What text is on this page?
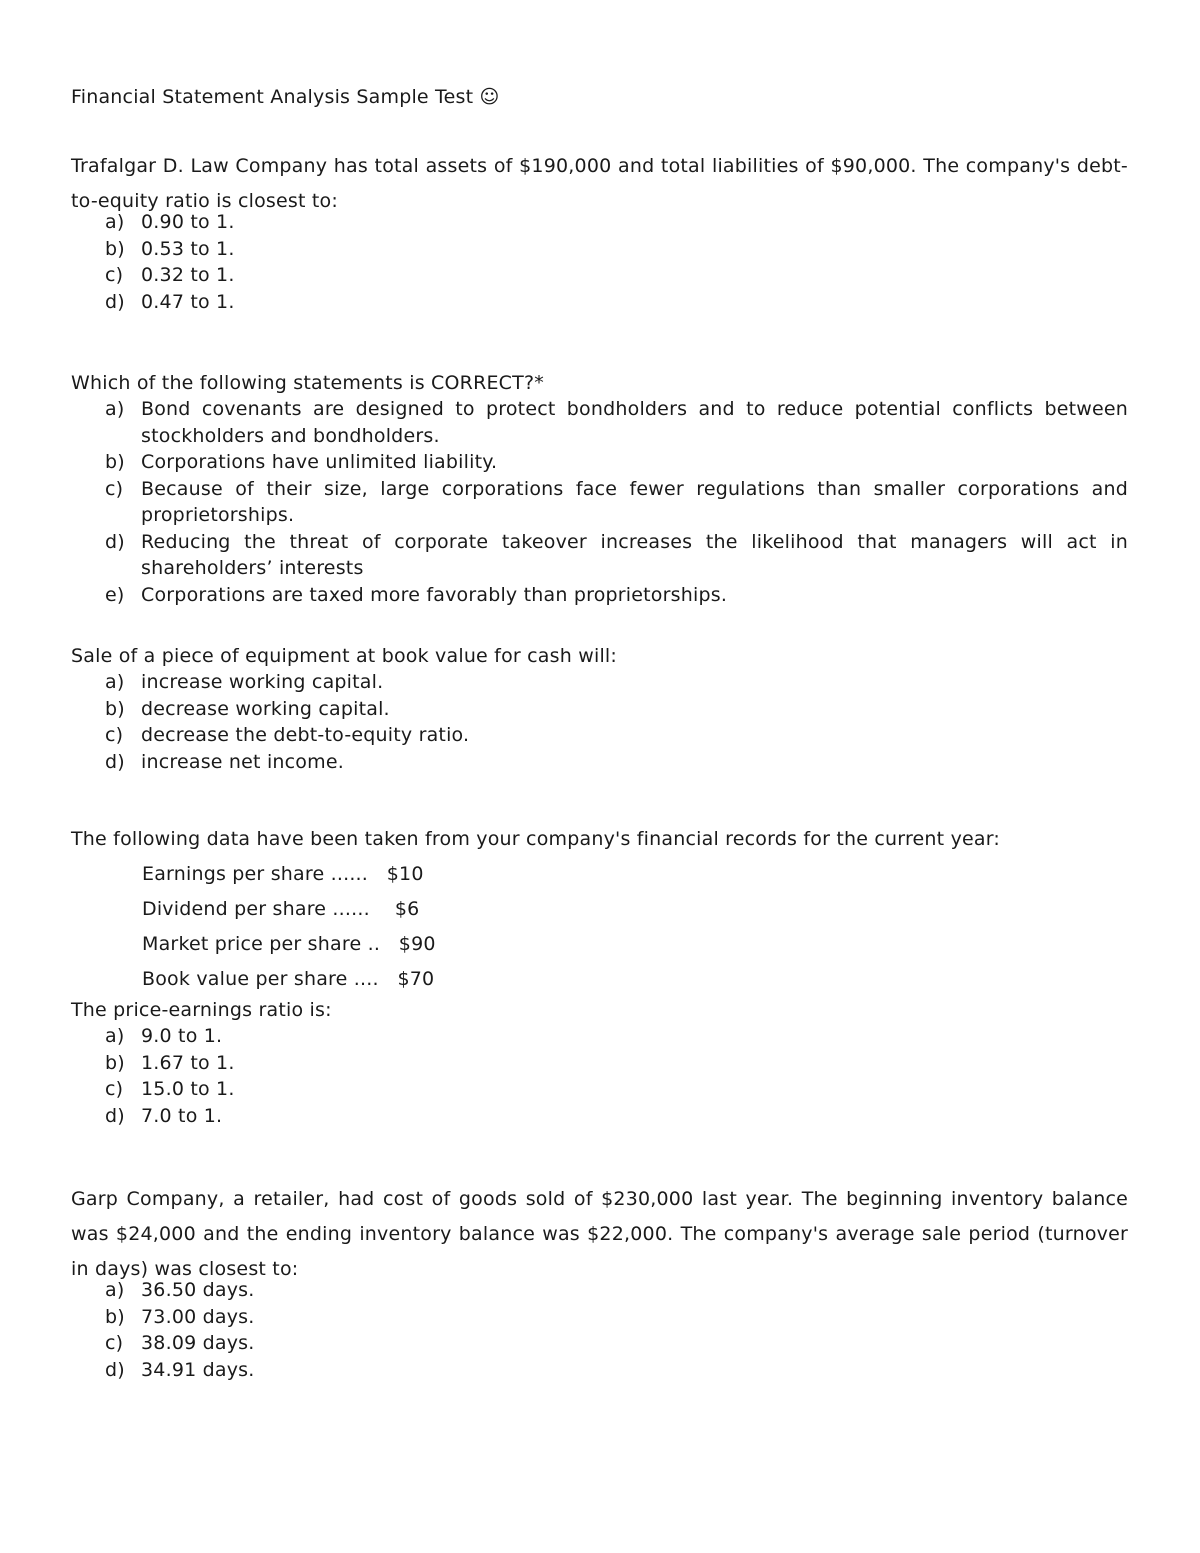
Financial Statement Analysis Sample Test ☺

Trafalgar D. Law Company has total assets of $190,000 and total liabilities of $90,000. The company's debt-to-equity ratio is closest to:

a) 0.90 to 1.
b) 0.53 to 1.
c) 0.32 to 1.
d) 0.47 to 1.

Which of the following statements is CORRECT?*

a) Bond covenants are designed to protect bondholders and to reduce potential conflicts between stockholders and bondholders.
b) Corporations have unlimited liability.
c) Because of their size, large corporations face fewer regulations than smaller corporations and proprietorships.
d) Reducing the threat of corporate takeover increases the likelihood that managers will act in shareholders’ interests
e) Corporations are taxed more favorably than proprietorships.

Sale of a piece of equipment at book value for cash will:

a) increase working capital.
b) decrease working capital.
c) decrease the debt-to-equity ratio.
d) increase net income.

The following data have been taken from your company's financial records for the current year:

Earnings per share ......   $10
Dividend per share ......    $6
Market price per share ..   $90
Book value per share ....   $70

The price-earnings ratio is:

a) 9.0 to 1.
b) 1.67 to 1.
c) 15.0 to 1.
d) 7.0 to 1.

Garp Company, a retailer, had cost of goods sold of $230,000 last year. The beginning inventory balance was $24,000 and the ending inventory balance was $22,000. The company's average sale period (turnover in days) was closest to:

a) 36.50 days.
b) 73.00 days.
c) 38.09 days.
d) 34.91 days.
